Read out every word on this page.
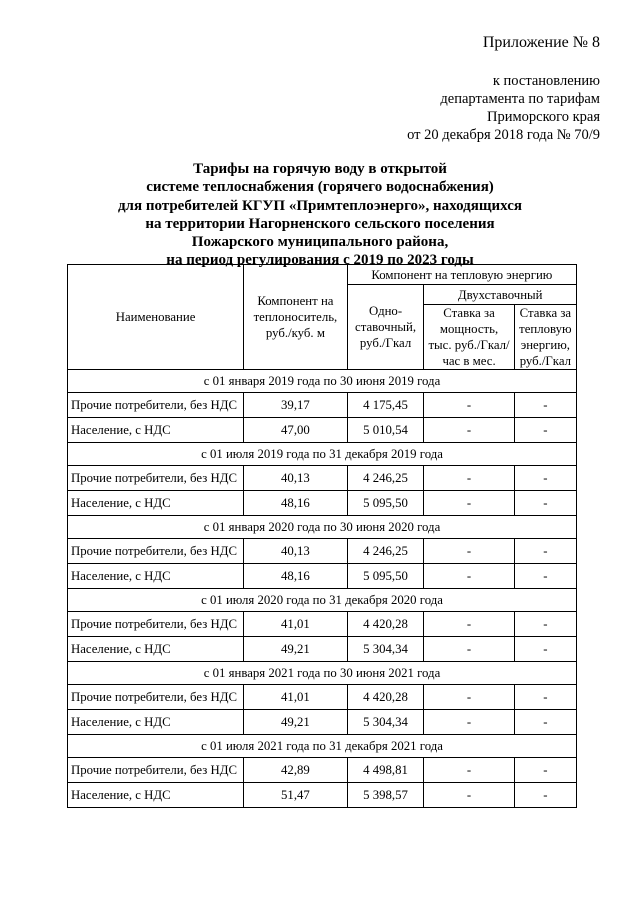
Приложение № 8
к постановлению
департамента по тарифам
Приморского края
от 20 декабря 2018 года № 70/9
Тарифы на горячую воду в открытой
системе теплоснабжения (горячего водоснабжения)
для потребителей КГУП «Примтеплоэнерго», находящихся
на территории Нагорненского сельского поселения
Пожарского муниципального района,
на период регулирования с 2019 по 2023 годы
Наименование	Компонент на теплоноситель, руб./куб. м	Компонент на тепловую энергию		
		Одно-ставочный, руб./Гкал	Двухставочный	
			Ставка за мощность, тыс. руб./Гкал/час в мес.	Ставка за тепловую энергию, руб./Гкал
с 01 января 2019 года по 30 июня 2019 года				
Прочие потребители, без НДС	39,17	4 175,45	-	-
Население, с НДС	47,00	5 010,54	-	-
с 01 июля 2019 года по 31 декабря 2019 года				
Прочие потребители, без НДС	40,13	4 246,25	-	-
Население, с НДС	48,16	5 095,50	-	-
с 01 января 2020 года по 30 июня 2020 года				
Прочие потребители, без НДС	40,13	4 246,25	-	-
Население, с НДС	48,16	5 095,50	-	-
с 01 июля 2020 года по 31 декабря 2020 года				
Прочие потребители, без НДС	41,01	4 420,28	-	-
Население, с НДС	49,21	5 304,34	-	-
с 01 января 2021 года по 30 июня 2021 года				
Прочие потребители, без НДС	41,01	4 420,28	-	-
Население, с НДС	49,21	5 304,34	-	-
с 01 июля 2021 года по 31 декабря 2021 года				
Прочие потребители, без НДС	42,89	4 498,81	-	-
Население, с НДС	51,47	5 398,57	-	-
